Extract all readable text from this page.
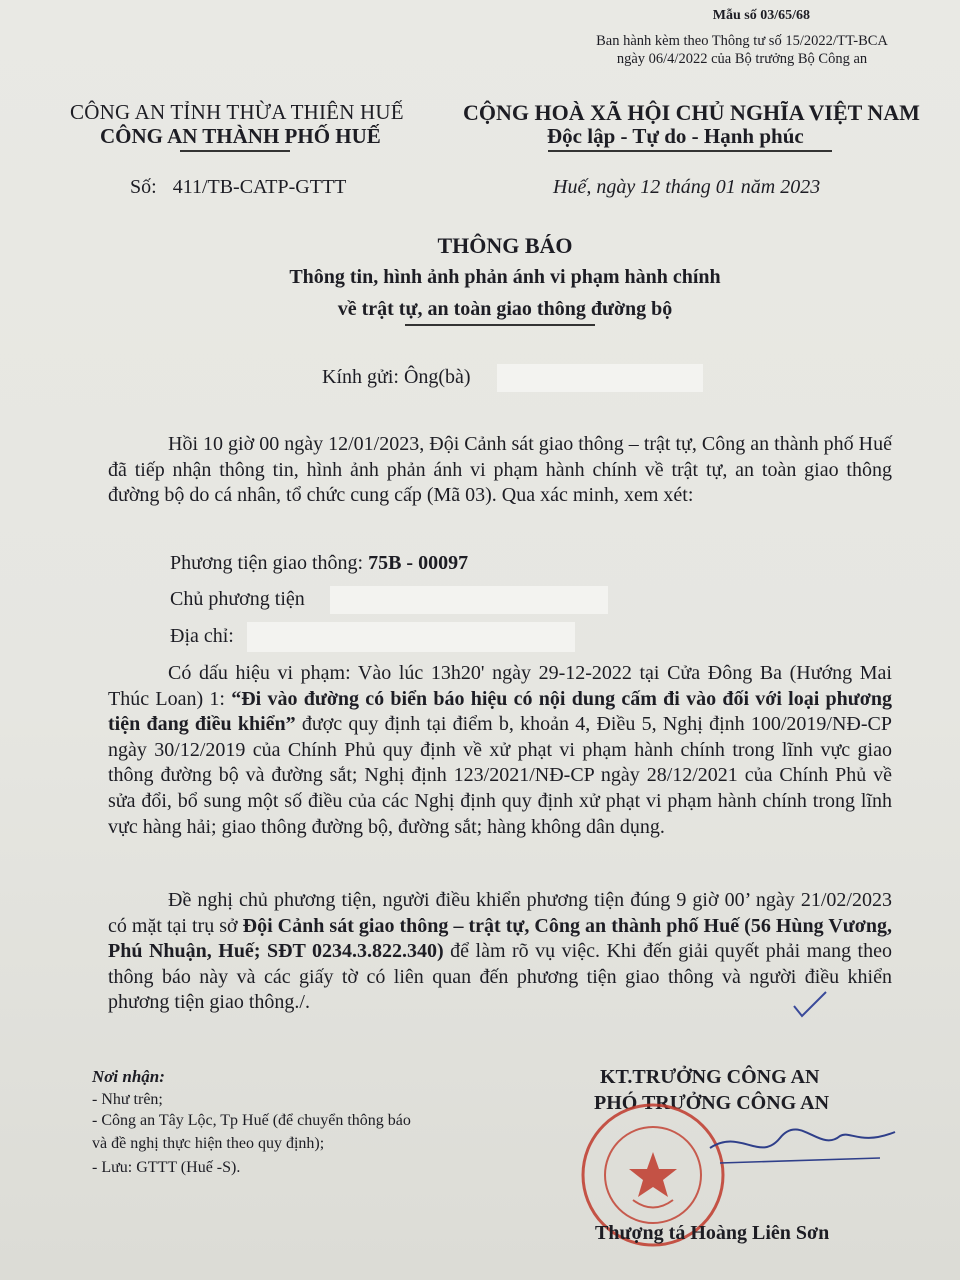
Mẫu số 03/65/68
Ban hành kèm theo Thông tư số 15/2022/TT-BCA
ngày 06/4/2022 của Bộ trưởng Bộ Công an
CÔNG AN TỈNH THỪA THIÊN HUẾ
CÔNG AN THÀNH PHỐ HUẾ
CỘNG HOÀ XÃ HỘI CHỦ NGHĨA VIỆT NAM
Độc lập - Tự do - Hạnh phúc
Số: 411/TB-CATP-GTTT	Huế, ngày 12 tháng 01 năm 2023
THÔNG BÁO
Thông tin, hình ảnh phản ánh vi phạm hành chính
về trật tự, an toàn giao thông đường bộ
Kính gửi: Ông(bà)
Hồi 10 giờ 00 ngày 12/01/2023, Đội Cảnh sát giao thông – trật tự, Công an thành phố Huế đã tiếp nhận thông tin, hình ảnh phản ánh vi phạm hành chính về trật tự, an toàn giao thông đường bộ do cá nhân, tổ chức cung cấp (Mã 03). Qua xác minh, xem xét:
Phương tiện giao thông: 75B - 00097
Chủ phương tiện
Địa chỉ:
Có dấu hiệu vi phạm: Vào lúc 13h20' ngày 29-12-2022 tại Cửa Đông Ba (Hướng Mai Thúc Loan) 1: “Đi vào đường có biển báo hiệu có nội dung cấm đi vào đối với loại phương tiện đang điều khiển” được quy định tại điểm b, khoản 4, Điều 5, Nghị định 100/2019/NĐ-CP ngày 30/12/2019 của Chính Phủ quy định về xử phạt vi phạm hành chính trong lĩnh vực giao thông đường bộ và đường sắt; Nghị định 123/2021/NĐ-CP ngày 28/12/2021 của Chính Phủ về sửa đổi, bổ sung một số điều của các Nghị định quy định xử phạt vi phạm hành chính trong lĩnh vực hàng hải; giao thông đường bộ, đường sắt; hàng không dân dụng.
Đề nghị chủ phương tiện, người điều khiển phương tiện đúng 9 giờ 00’ ngày 21/02/2023 có mặt tại trụ sở Đội Cảnh sát giao thông – trật tự, Công an thành phố Huế (56 Hùng Vương, Phú Nhuận, Huế; SĐT 0234.3.822.340) để làm rõ vụ việc. Khi đến giải quyết phải mang theo thông báo này và các giấy tờ có liên quan đến phương tiện giao thông và người điều khiển phương tiện giao thông./.
Nơi nhận:
- Như trên;
- Công an Tây Lộc, Tp Huế (để chuyển thông báo
và đề nghị thực hiện theo quy định);
- Lưu: GTTT (Huế -S).
KT.TRƯỞNG CÔNG AN
PHÓ TRƯỞNG CÔNG AN
Thượng tá Hoàng Liên Sơn
